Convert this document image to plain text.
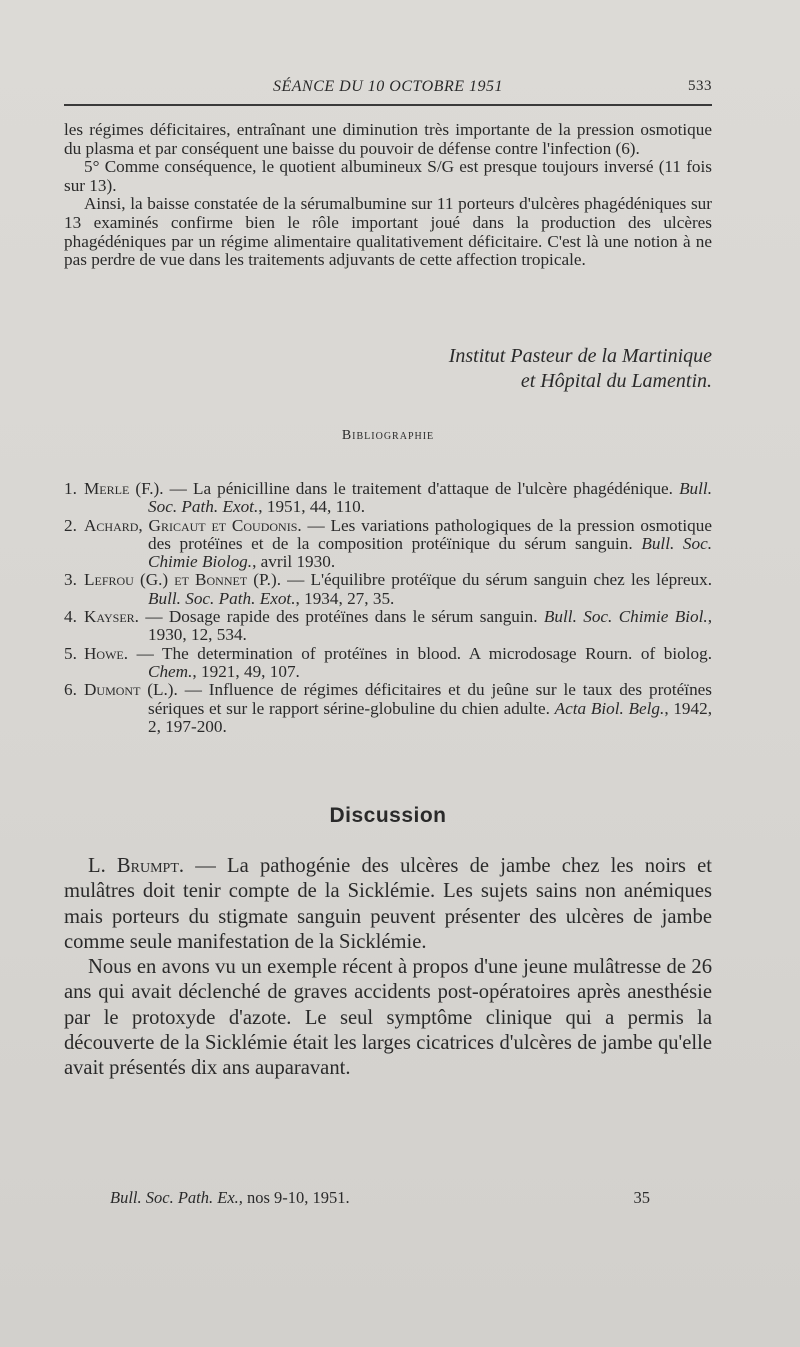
SÉANCE DU 10 OCTOBRE 1951	533

les régimes déficitaires, entraînant une diminution très importante de la pression osmotique du plasma et par conséquent une baisse du pouvoir de défense contre l'infection (6).

5° Comme conséquence, le quotient albumineux S/G est presque toujours inversé (11 fois sur 13).

Ainsi, la baisse constatée de la sérumalbumine sur 11 porteurs d'ulcères phagédéniques sur 13 examinés confirme bien le rôle important joué dans la production des ulcères phagédéniques par un régime alimentaire qualitativement déficitaire. C'est là une notion à ne pas perdre de vue dans les traitements adjuvants de cette affection tropicale.

Institut Pasteur de la Martinique
et Hôpital du Lamentin.
Bibliographie
1. Merle (F.). — La pénicilline dans le traitement d'attaque de l'ulcère phagédénique. Bull. Soc. Path. Exot., 1951, 44, 110.
2. Achard, Gricaut et Coudonis. — Les variations pathologiques de la pression osmotique des protéïnes et de la composition protéïnique du sérum sanguin. Bull. Soc. Chimie Biolog., avril 1930.
3. Lefrou (G.) et Bonnet (P.). — L'équilibre protéïque du sérum sanguin chez les lépreux. Bull. Soc. Path. Exot., 1934, 27, 35.
4. Kayser. — Dosage rapide des protéïnes dans le sérum sanguin. Bull. Soc. Chimie Biol., 1930, 12, 534.
5. Howe. — The determination of protéïnes in blood. A microdosage Rourn. of biolog. Chem., 1921, 49, 107.
6. Dumont (L.). — Influence de régimes déficitaires et du jeûne sur le taux des protéïnes sériques et sur le rapport sérine-globuline du chien adulte. Acta Biol. Belg., 1942, 2, 197-200.
Discussion

L. Brumpt. — La pathogénie des ulcères de jambe chez les noirs et mulâtres doit tenir compte de la Sicklémie. Les sujets sains non anémiques mais porteurs du stigmate sanguin peuvent présenter des ulcères de jambe comme seule manifestation de la Sicklémie.

Nous en avons vu un exemple récent à propos d'une jeune mulâtresse de 26 ans qui avait déclenché de graves accidents post-opératoires après anesthésie par le protoxyde d'azote. Le seul symptôme clinique qui a permis la découverte de la Sicklémie était les larges cicatrices d'ulcères de jambe qu'elle avait présentés dix ans auparavant.

Bull. Soc. Path. Ex., nos 9-10, 1951.	35
